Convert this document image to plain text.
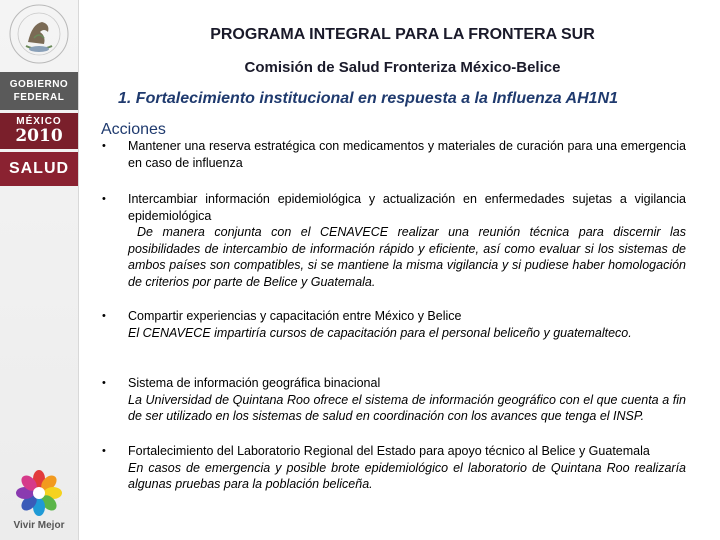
GOBIERNO
FEDERAL
MÉXICO
2010
SALUD
Vivir Mejor
PROGRAMA INTEGRAL PARA LA FRONTERA SUR
Comisión de Salud Fronteriza México-Belice
1. Fortalecimiento institucional en respuesta a la Influenza AH1N1
Acciones
• Mantener una reserva estratégica con medicamentos y materiales de curación para una emergencia en caso de influenza
• Intercambiar información epidemiológica y actualización en enfermedades sujetas a vigilancia epidemiológica
De manera conjunta con el CENAVECE realizar una reunión técnica para discernir las posibilidades de intercambio de información rápido y eficiente, así como evaluar si los sistemas de ambos países son compatibles, si se mantiene la misma vigilancia y si pudiese haber homologación de criterios por parte de Belice y Guatemala.
• Compartir experiencias y capacitación entre México y Belice
El CENAVECE impartiría cursos de capacitación para el personal beliceño y guatemalteco.
• Sistema de información geográfica binacional
La Universidad de Quintana Roo ofrece el sistema de información geográfico con el que cuenta a fin de ser utilizado en los sistemas de salud en coordinación con los avances que tenga el INSP.
• Fortalecimiento del Laboratorio Regional del Estado para apoyo técnico al Belice y Guatemala
En casos de emergencia y posible brote epidemiológico el laboratorio de Quintana Roo realizaría algunas pruebas para la población beliceña.
